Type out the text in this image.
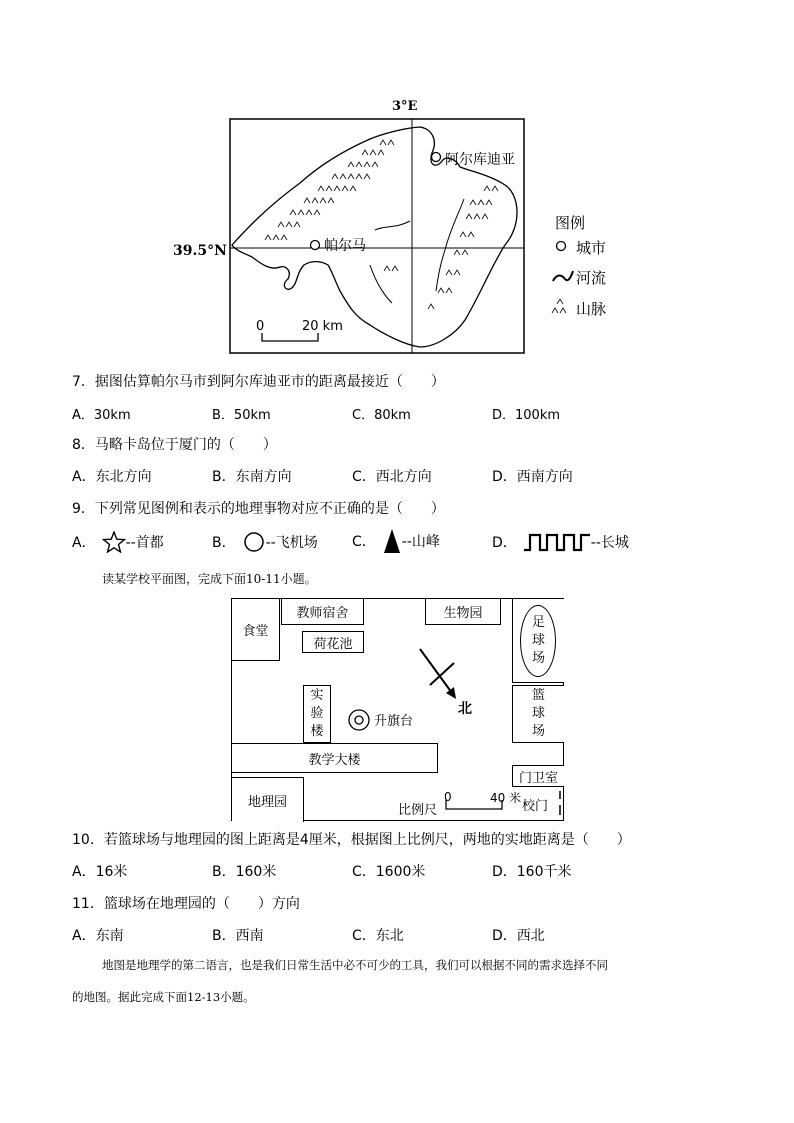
3°E
阿尔库迪亚
帕尔马
39.5°N
0	20 km
图例
城市
河流
山脉
7．据图估算帕尔马市到阿尔库迪亚市的距离最接近（　　）
A．30km	B．50km	C．80km	D．100km
8．马略卡岛位于厦门的（　　）
A．东北方向	B．东南方向	C．西北方向	D．西南方向
9．下列常见图例和表示的地理事物对应不正确的是（　　）
A． --首都	B． --飞机场 C． --山峰	D．	--长城
读某学校平面图，完成下面10-11小题。
食堂
教师宿舍
荷花池
生物园
足
球
场
篮
球
场
实
验
楼
升旗台
北
教学大楼
地理园
门卫室
比例尺
0	40 米
校门
10．若篮球场与地理园的图上距离是4厘米，根据图上比例尺，两地的实地距离是（　　）
A．16米	B．160米	C．1600米	D．160千米
11．篮球场在地理园的（　　）方向
A．东南	B．西南	C．东北	D．西北
地图是地理学的第二语言，也是我们日常生活中必不可少的工具，我们可以根据不同的需求选择不同
的地图。据此完成下面12-13小题。
